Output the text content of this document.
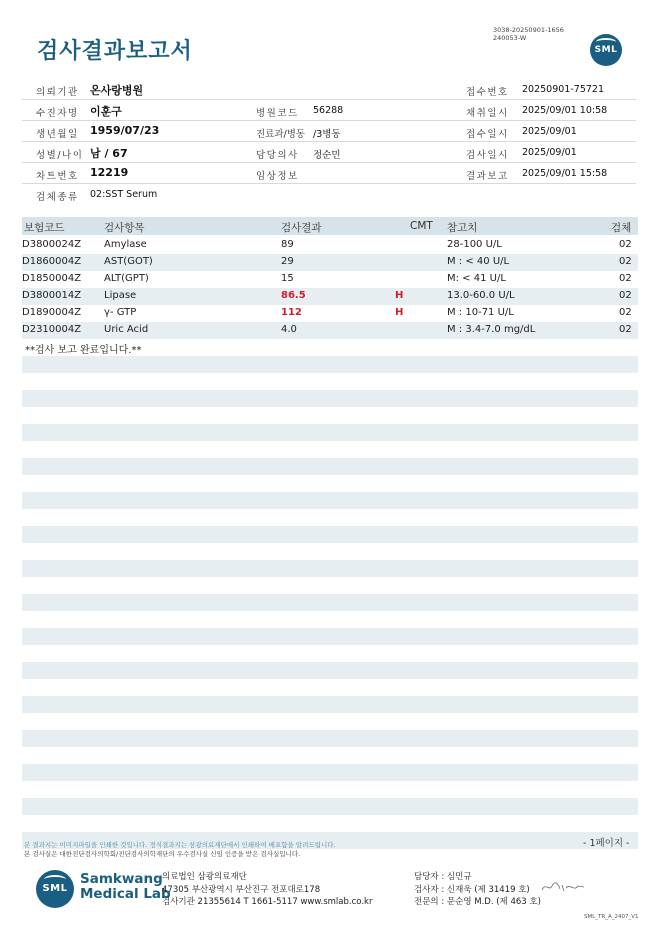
검사결과보고서
3038-20250901-1656
240053-W
SML
의뢰기관 온사랑병원	접수번호 20250901-75721
수진자명 이훈구	병원코드 56288	채취일시 2025/09/01 10:58
생년월일 1959/07/23	진료과/병동 /3병동	접수일시 2025/09/01
성별/나이 남 / 67	담당의사 정순민	검사일시 2025/09/01
차트번호 12219	임상정보	결과보고 2025/09/01 15:58
검체종류 02:SST Serum
보험코드	검사항목	검사결과	CMT 참고치	검체
D3800024Z Amylase	89	28-100 U/L	02
D1860004Z AST(GOT)	29	M : < 40 U/L	02
D1850004Z ALT(GPT)	15	M: < 41 U/L	02
D3800014Z Lipase	86.5	H	13.0-60.0 U/L	02
D1890004Z γ- GTP	112	H	M : 10-71 U/L	02
D2310004Z Uric Acid	4.0	M : 3.4-7.0 mg/dL	02
**검사 보고 완료입니다.**
본 결과지는 이미지파일을 인쇄한 것입니다. 정식결과지는 삼광의료재단에서 인쇄하여 배포함을 알려드립니다.
본 검사실은 대한진단검사의학회/진단검사의학재단의 우수검사실 신임 인증을 받은 검사실입니다.
- 1페이지 -
SML
Samkwang
Medical Lab
의료법인 삼광의료재단
47305 부산광역시 부산진구 전포대로178
검사기관 21355614 T 1661-5117 www.smlab.co.kr
담당자 : 심민규
검사자 : 신재욱 (제 31419 호)
전문의 : 문순영 M.D. (제 463 호)
SML_TR_A_2407_V1
